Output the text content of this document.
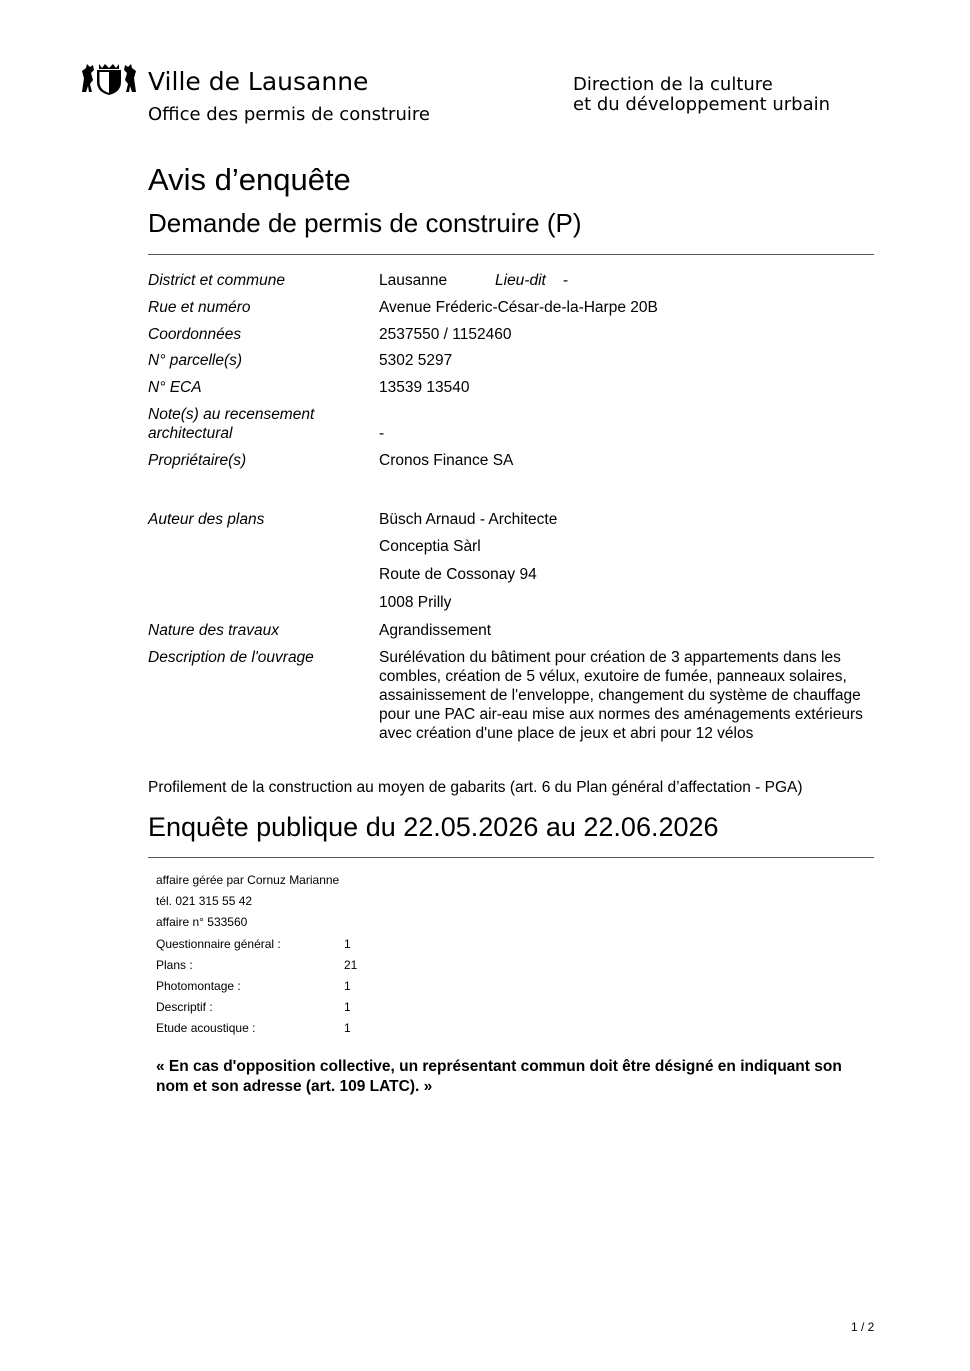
Ville de Lausanne
Office des permis de construire
Direction de la culture
et du développement urbain
Avis d’enquête
Demande de permis de construire (P)
District et commune	Lausanne	Lieu-dit -
Rue et numéro	Avenue Fréderic-César-de-la-Harpe 20B
Coordonnées	2537550 / 1152460
N° parcelle(s)	5302 5297
N° ECA	13539 13540
Note(s) au recensement
architectural	-
Propriétaire(s)	Cronos Finance SA
Auteur des plans	Büsch Arnaud - Architecte
Conceptia Sàrl
Route de Cossonay 94
1008 Prilly
Nature des travaux	Agrandissement
Description de l'ouvrage	Surélévation du bâtiment pour création de 3 appartements dans les combles, création de 5 vélux, exutoire de fumée, panneaux solaires, assainissement de l'enveloppe, changement du système de chauffage pour une PAC air-eau mise aux normes des aménagements extérieurs avec création d'une place de jeux et abri pour 12 vélos
Profilement de la construction au moyen de gabarits (art. 6 du Plan général d’affectation - PGA)
Enquête publique du 22.05.2026 au 22.06.2026
affaire gérée par Cornuz Marianne
tél. 021 315 55 42
affaire n° 533560
Questionnaire général :	1
Plans :	21
Photomontage :	1
Descriptif :	1
Etude acoustique :	1
« En cas d'opposition collective, un représentant commun doit être désigné en indiquant son nom et son adresse (art. 109 LATC). »
1 / 2
